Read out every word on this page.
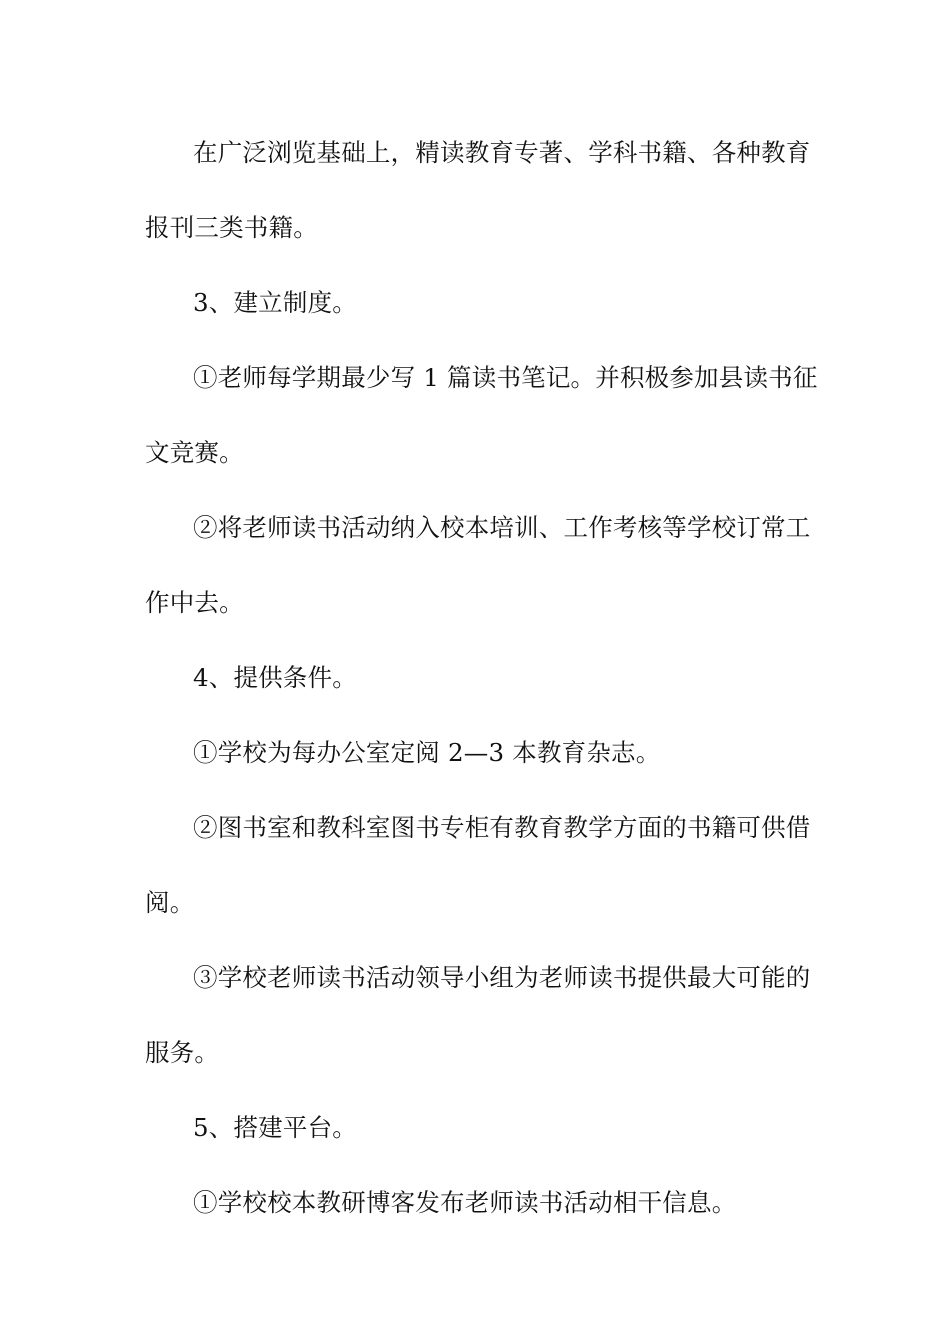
在广泛浏览基础上，精读教育专著、学科书籍、各种教育
报刊三类书籍。
3、建立制度。
①老师每学期最少写 1 篇读书笔记。并积极参加县读书征
文竞赛。
②将老师读书活动纳入校本培训、工作考核等学校订常工
作中去。
4、提供条件。
①学校为每办公室定阅 2—3 本教育杂志。
②图书室和教科室图书专柜有教育教学方面的书籍可供借
阅。
③学校老师读书活动领导小组为老师读书提供最大可能的
服务。
5、搭建平台。
①学校校本教研博客发布老师读书活动相干信息。
